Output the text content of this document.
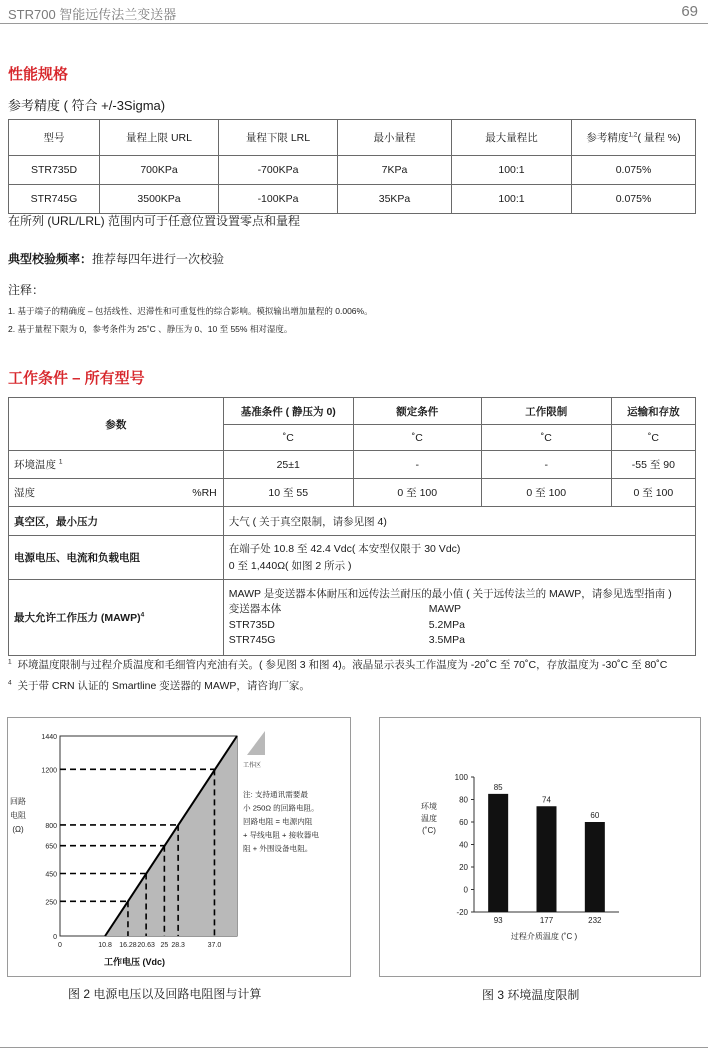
STR700 智能远传法兰变送器	69
性能规格
参考精度 ( 符合 +/-3Sigma)
型号	量程上限 URL	量程下限 LRL	最小量程	最大量程比	参考精度$^{1,2}$( 量程 %)
STR735D	700KPa	-700KPa	7KPa	100:1	0.075%
STR745G	3500KPa	-100KPa	35KPa	100:1	0.075%
在所列 (URL/LRL) 范围内可于任意位置设置零点和量程
典型校验频率：推荐每四年进行一次校验
注释：
1. 基于端子的精确度 – 包括线性、迟滞性和可重复性的综合影响。模拟输出增加量程的 0.006%。
2. 基于量程下限为 0，参考条件为 25˚C 、静压为 0、10 至 55% 相对湿度。
工作条件 – 所有型号
参数		基准条件 ( 静压为 0)	额定条件	工作限制	运输和存放
		˚C	˚C	˚C	˚C
环境温度 $^1$		25±1	-	-	-55 至 90
湿度	%RH	10 至 55	0 至 100	0 至 100	0 至 100
真空区，最小压力		大气 ( 关于真空限制，请参见图 4)			
电源电压、电流和负载电阻		在端子处 10.8 至 42.4 Vdc( 本安型仅限于 30 Vdc)
0 至 1,440Ω( 如图 2 所示 )			

最大允许工作压力 (MAWP)$^4$		MAWP 是变送器本体耐压和远传法兰耐压的最小值 ( 关于远传法兰的 MAWP，请参见选型指南 )
变送器本体 MAWP
STR735D 5.2MPa
STR745G 3.5MPa			
$^1$ 环境温度限制与过程介质温度和毛细管内充油有关。( 参见图 3 和图 4)。液晶显示表头工作温度为 -20˚C 至 70˚C，存放温度为 -30˚C 至 80˚C
$^4$ 关于带 CRN 认证的 Smartline 变送器的 MAWP，请咨询厂家。
0
250
450
650
800
1200
1440
0	10.8 16.28 20.63 25 28.3	37.0
工作电压 (Vdc)
回路
电阻
(Ω)
工作区
注: 支持通讯需要最
小 250Ω 的回路电阻。
回路电阻 = 电源内阻
+ 导线电阻 + 接收器电
阻 + 外围设备电阻。
图 2 电源电压以及回路电阻图与计算
-20
0
20
40
60
80
100
85
93
74
177
60
232
过程介质温度 (˚C )
环境
温度
(˚C)
图 3 环境温度限制
